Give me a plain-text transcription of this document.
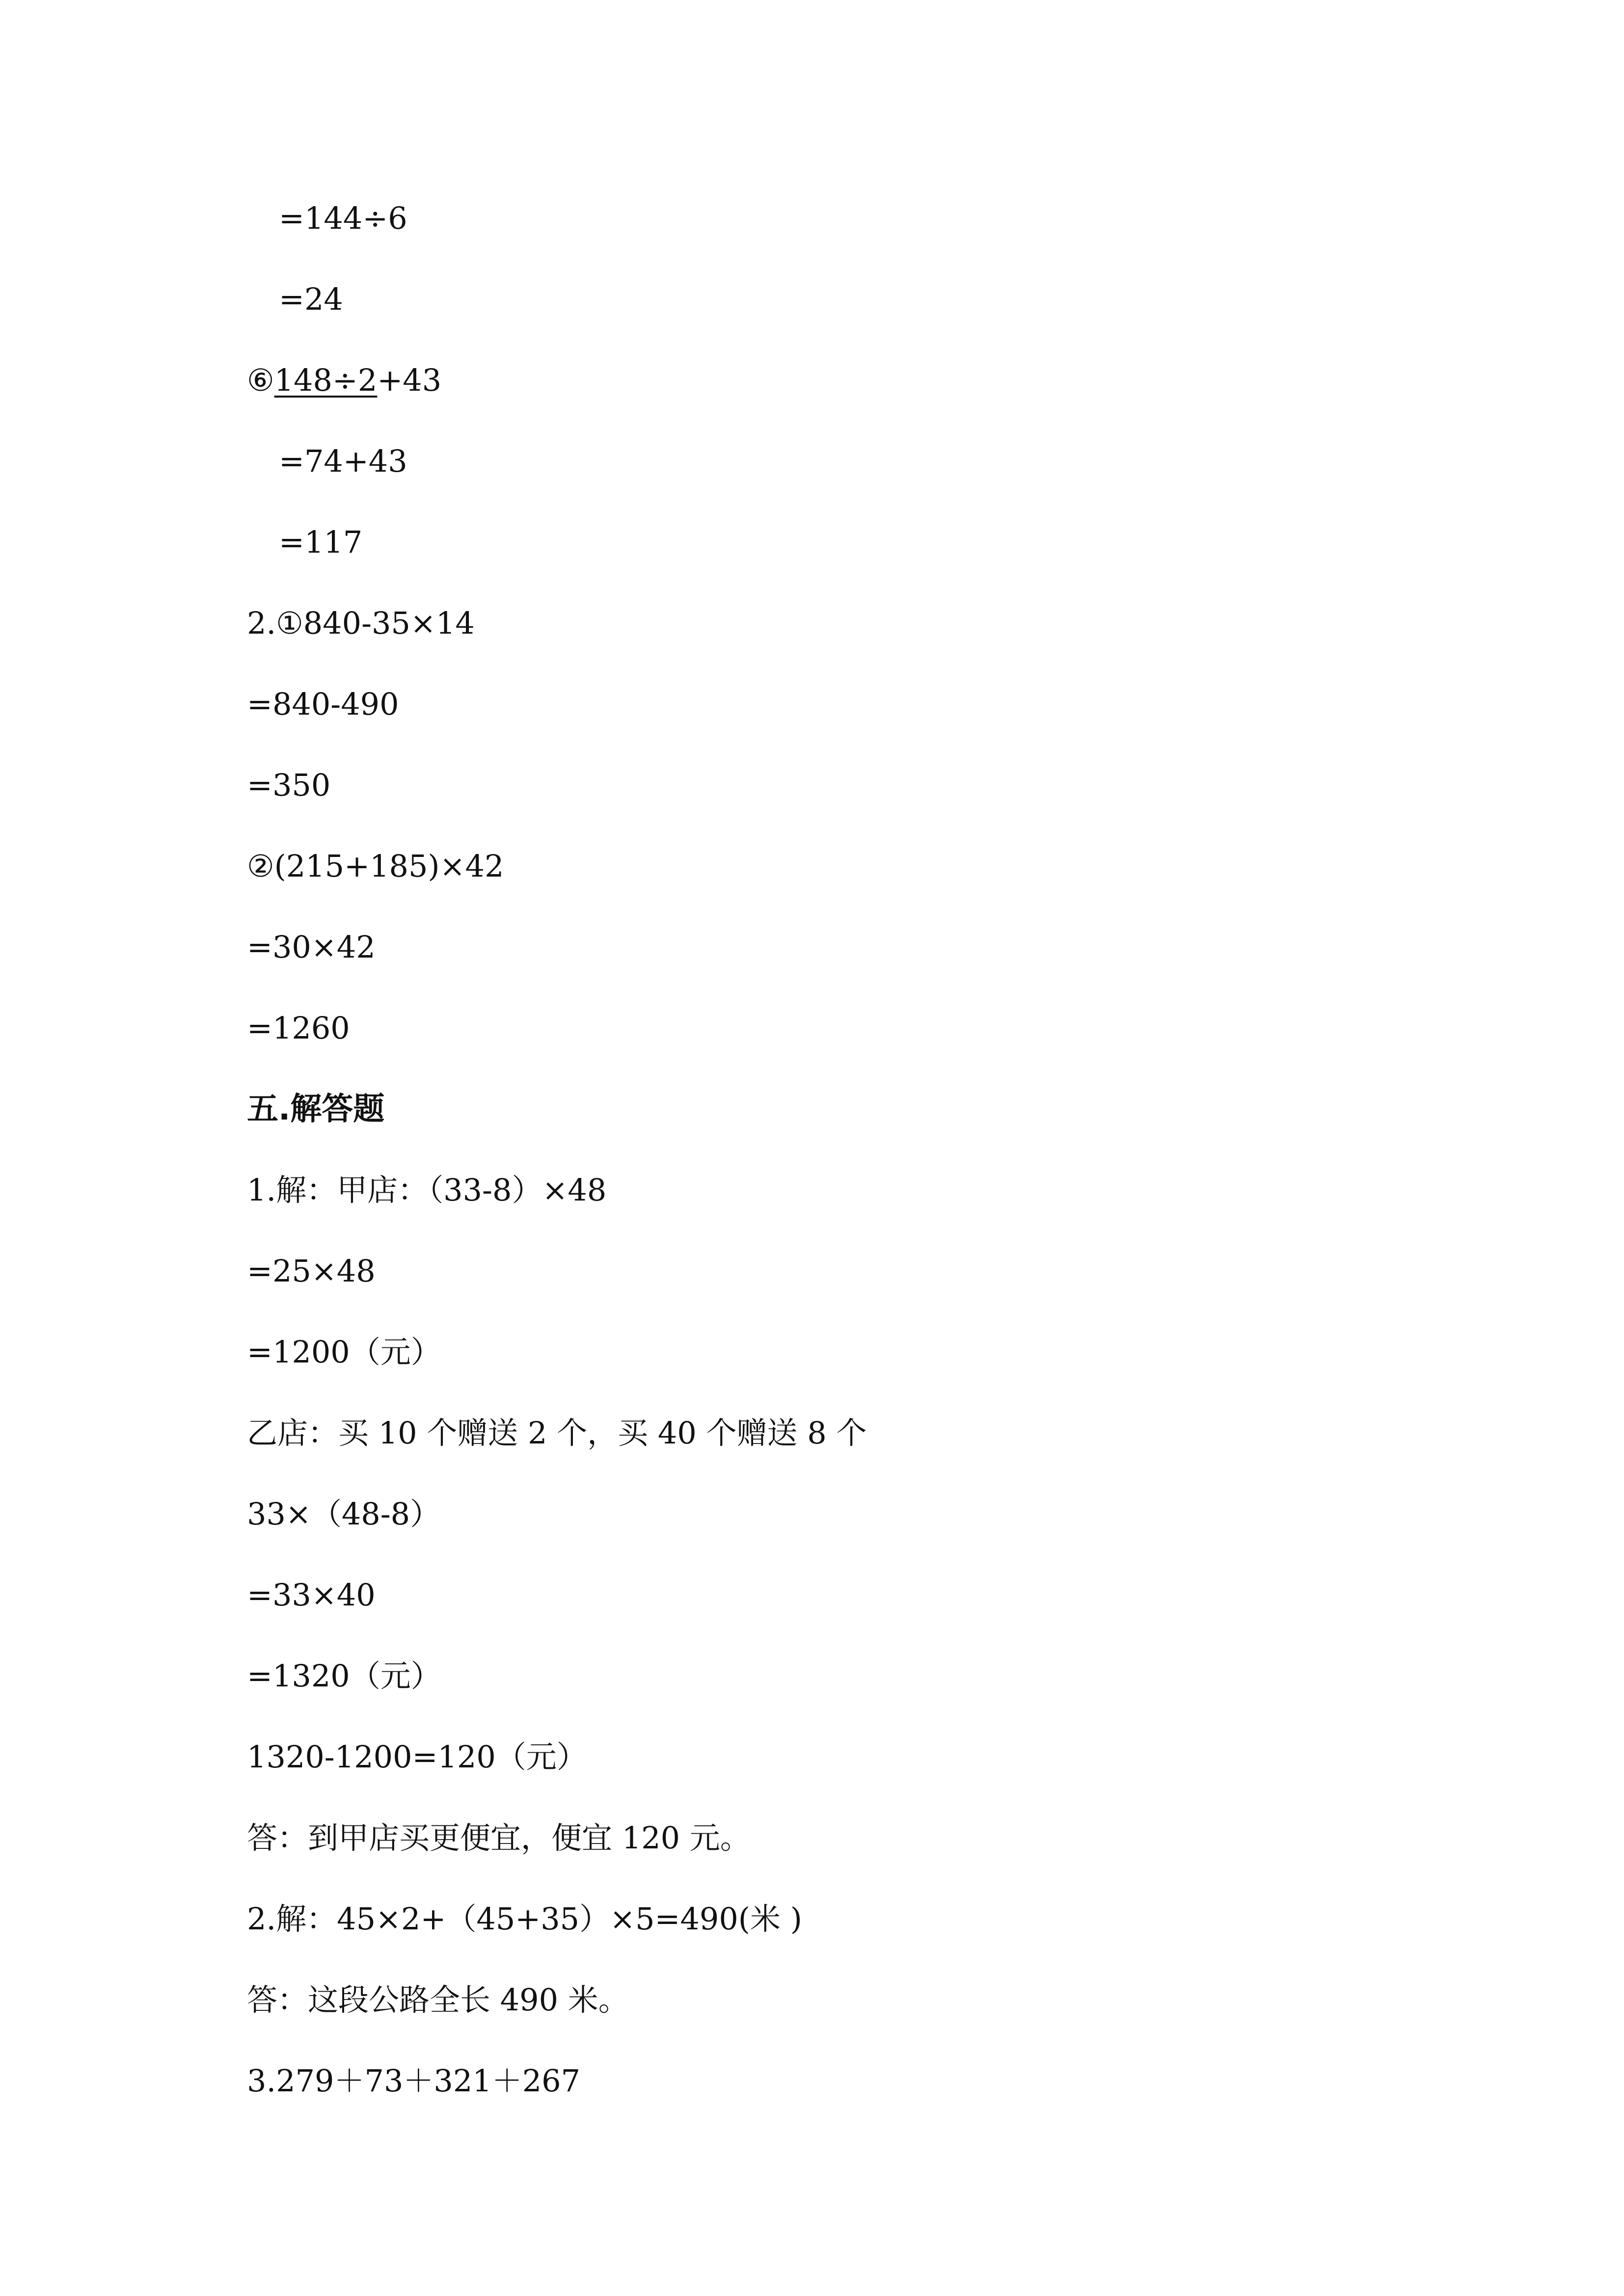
=144÷6
=24
⑥148÷2+43
=74+43
=117
2.①840-35×14
=840-490
=350
②(215+185)×42
=30×42
=1260
五.解答题
1.解：甲店：（33-8）×48
=25×48
=1200（元）
乙店：买 10 个赠送 2 个，买 40 个赠送 8 个
33×（48-8）
=33×40
=1320（元）
1320-1200=120（元）
答：到甲店买更便宜，便宜 120 元。
2.解：45×2+（45+35）×5=490(米 )
答：这段公路全长 490 米。
3.279＋73＋321＋267
